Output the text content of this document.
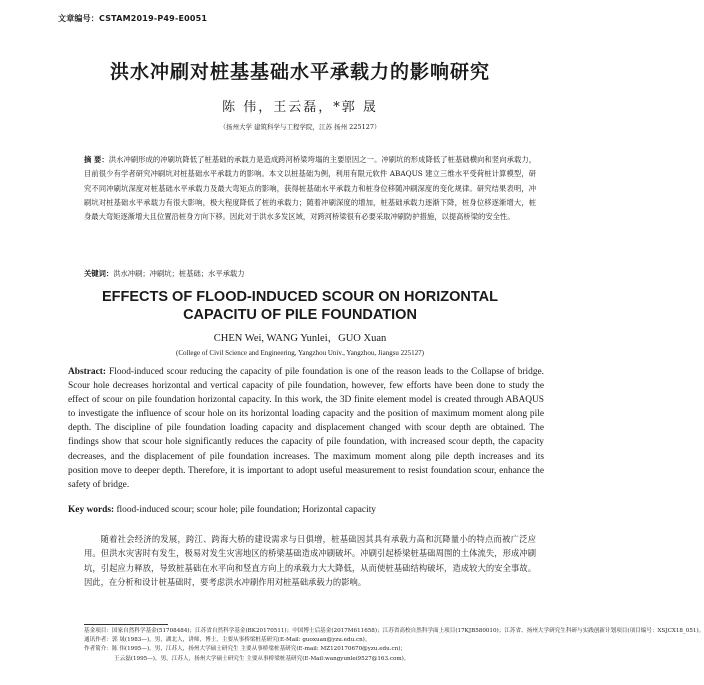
文章编号：CSTAM2019-P49-E0051
洪水冲刷对桩基基础水平承载力的影响研究
陈 伟，王云磊，*郭 晟
（扬州大学 建筑科学与工程学院，江苏 扬州 225127）
摘 要：洪水冲刷形成的冲刷坑降低了桩基础的承载力是造成跨河桥梁垮塌的主要原因之一。冲刷坑的形成降低了桩基础横向和竖向承载力，目前很少有学者研究冲刷坑对桩基础水平承载力的影响。本文以桩基础为例，利用有限元软件 ABAQUS 建立三维水平受荷桩计算模型，研究不同冲刷坑深度对桩基础水平承载力及最大弯矩点的影响，获得桩基础水平承载力和桩身位移随冲刷深度的变化规律。研究结果表明，冲刷坑对桩基础水平承载力有很大影响，极大程度降低了桩的承载力；随着冲刷深度的增加，桩基础承载力逐渐下降，桩身位移逐渐增大，桩身最大弯矩逐渐增大且位置沿桩身方向下移。因此对于洪水多发区域，对跨河桥梁很有必要采取冲刷防护措施，以提高桥梁的安全性。
关键词：洪水冲刷；冲刷坑；桩基础；水平承载力
EFFECTS OF FLOOD-INDUCED SCOUR ON HORIZONTAL
CAPACITU OF PILE FOUNDATION
CHEN Wei, WANG Yunlei，GUO Xuan
(College of Civil Science and Engineering, Yangzhou Univ., Yangzhou, Jiangsu 225127)
Abstract: Flood-induced scour reducing the capacity of pile foundation is one of the reason leads to the Collapse of bridge. Scour hole decreases horizontal and vertical capacity of pile foundation, however, few efforts have been done to study the effect of scour on pile foundation horizontal capacity. In this work, the 3D finite element model is created through ABAQUS to investigate the influence of scour hole on its horizontal loading capacity and the position of maximum moment along pile depth. The discipline of pile foundation loading capacity and displacement changed with scour depth are obtained. The findings show that scour hole significantly reduces the capacity of pile foundation, with increased scour depth, the capacity decreases, and the displacement of pile foundation increases. The maximum moment along pile depth increases and its position move to deeper depth. Therefore, it is important to adopt useful measurement to resist foundation scour, enhance the safety of bridge.
Key words: flood-induced scour; scour hole; pile foundation; Horizontal capacity
随着社会经济的发展，跨江、跨海大桥的建设需求与日俱增，桩基础因其具有承载力高和沉降量小的特点而被广泛应用。但洪水灾害时有发生，极易对发生灾害地区的桥梁基础造成冲刷破坏。冲刷引起桥梁桩基础周围的土体流失，形成冲刷坑，引起应力释放，导致桩基础在水平向和竖直方向上的承载力大大降低，从而使桩基础结构破坏，造成较大的安全事故。因此，在分析和设计桩基础时，要考虑洪水冲刷作用对桩基础承载力的影响。
基金项目：国家自然科学基金(51708484)；江苏省自然科学基金(BK20170511)；中国博士后基金(2017M611658)；江苏省高校自然科学面上项目(17KJB580010)；江苏省、扬州大学研究生科研与实践创新计划项目(项目编号：XSJCX18_051)。
通讯作者：郭 晟(1983—)，男，湖北人，讲师，博士，主要从事桥梁桩基研究(E-Mail: guoxuan@yzu.edu.cn)。
作者简介：陈 伟(1995—)，男，江苏人，扬州大学硕士研究生 主要从事桥梁桩基研究(E-mail: MZ120170670@yzu.edu.cn)；
王云磊(1995—)，男，江苏人，扬州大学硕士研究生 主要从事桥梁桩基研究(E-Mail:wangyunlei9527@163.com)。
